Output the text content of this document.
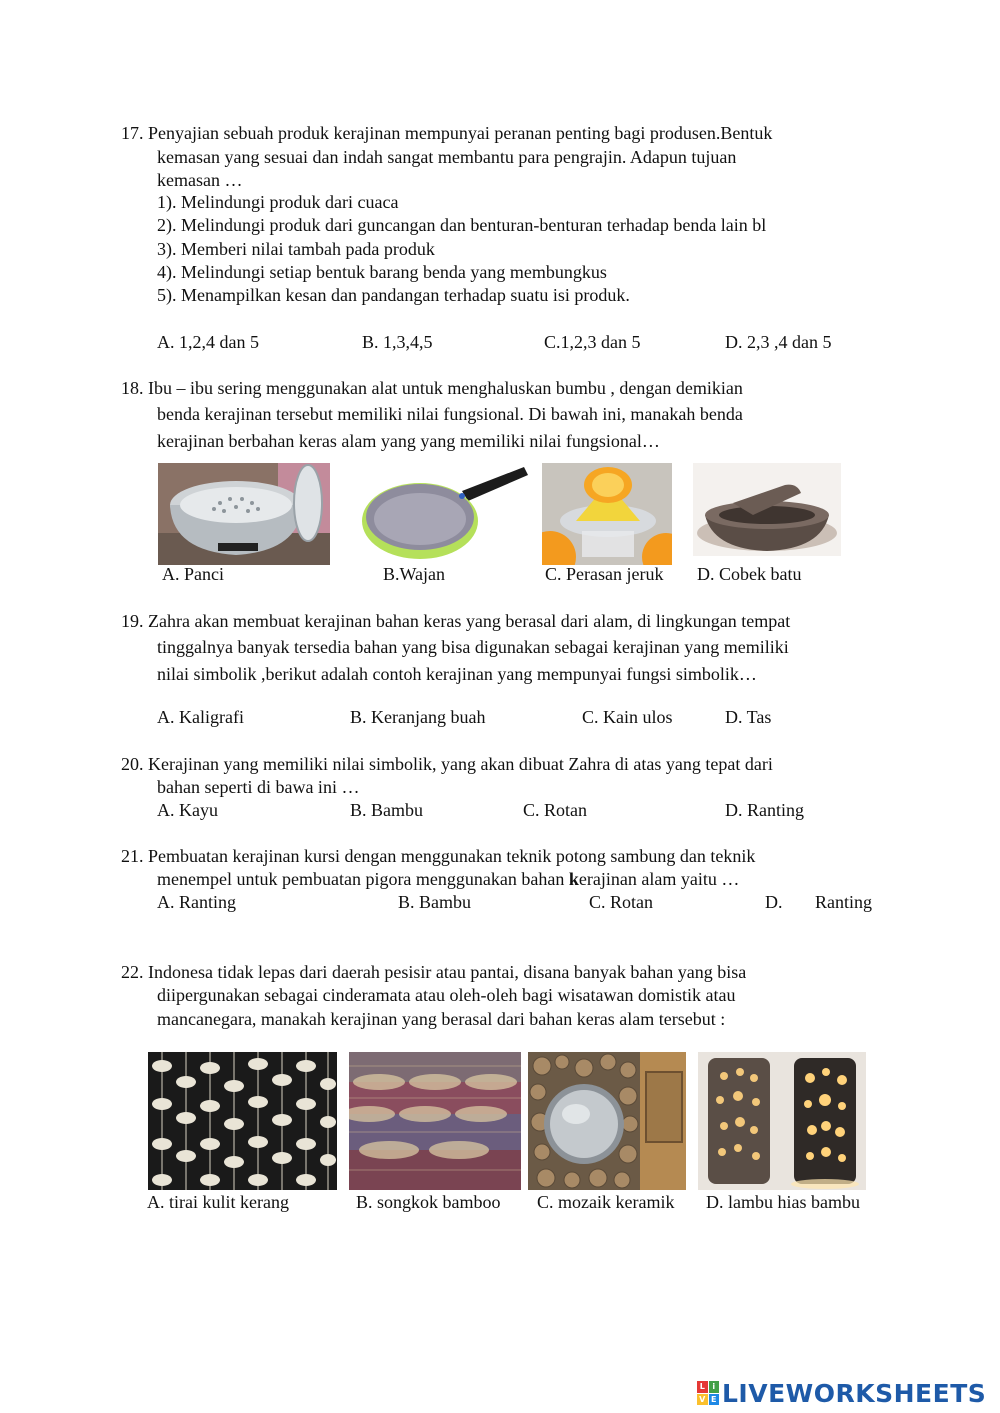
17. Penyajian sebuah produk kerajinan mempunyai peranan penting bagi produsen.Bentuk
kemasan yang sesuai dan indah sangat membantu para pengrajin. Adapun tujuan
kemasan …
1). Melindungi produk dari cuaca
2). Melindungi produk dari guncangan dan benturan-benturan terhadap benda lain bl
3). Memberi nilai tambah pada produk
4). Melindungi setiap bentuk barang benda yang membungkus
5). Menampilkan kesan dan pandangan terhadap suatu isi produk.
A. 1,2,4 dan 5	B. 1,3,4,5	C.1,2,3 dan 5	D. 2,3 ,4 dan 5
18. Ibu – ibu sering menggunakan alat untuk menghaluskan bumbu , dengan demikian
benda kerajinan tersebut memiliki nilai fungsional. Di bawah ini, manakah benda
kerajinan berbahan keras alam yang yang memiliki nilai fungsional…
A. Panci	B.Wajan	C. Perasan jeruk D. Cobek batu
19. Zahra akan membuat kerajinan bahan keras yang berasal dari alam, di lingkungan tempat
tinggalnya banyak tersedia bahan yang bisa digunakan sebagai kerajinan yang memiliki
nilai simbolik ,berikut adalah contoh kerajinan yang mempunyai fungsi simbolik…
A. Kaligrafi	B. Keranjang buah	C. Kain ulos	D. Tas
20. Kerajinan yang memiliki nilai simbolik, yang akan dibuat Zahra di atas yang tepat dari
bahan seperti di bawa ini …
A. Kayu	B. Bambu	C. Rotan	D. Ranting
21. Pembuatan kerajinan kursi dengan menggunakan teknik potong sambung dan teknik
menempel untuk pembuatan pigora menggunakan bahan kerajinan alam yaitu …
A. Ranting	B. Bambu	C. Rotan	D. Ranting
22. Indonesa tidak lepas dari daerah pesisir atau pantai, disana banyak bahan yang bisa
diipergunakan sebagai cinderamata atau oleh-oleh bagi wisatawan domistik atau
mancanegara, manakah kerajinan yang berasal dari bahan keras alam tersebut :
A. tirai kulit kerang	B. songkok bamboo C. mozaik keramik D. lambu hias bambu
L i
V E LIVEWORKSHEETS
